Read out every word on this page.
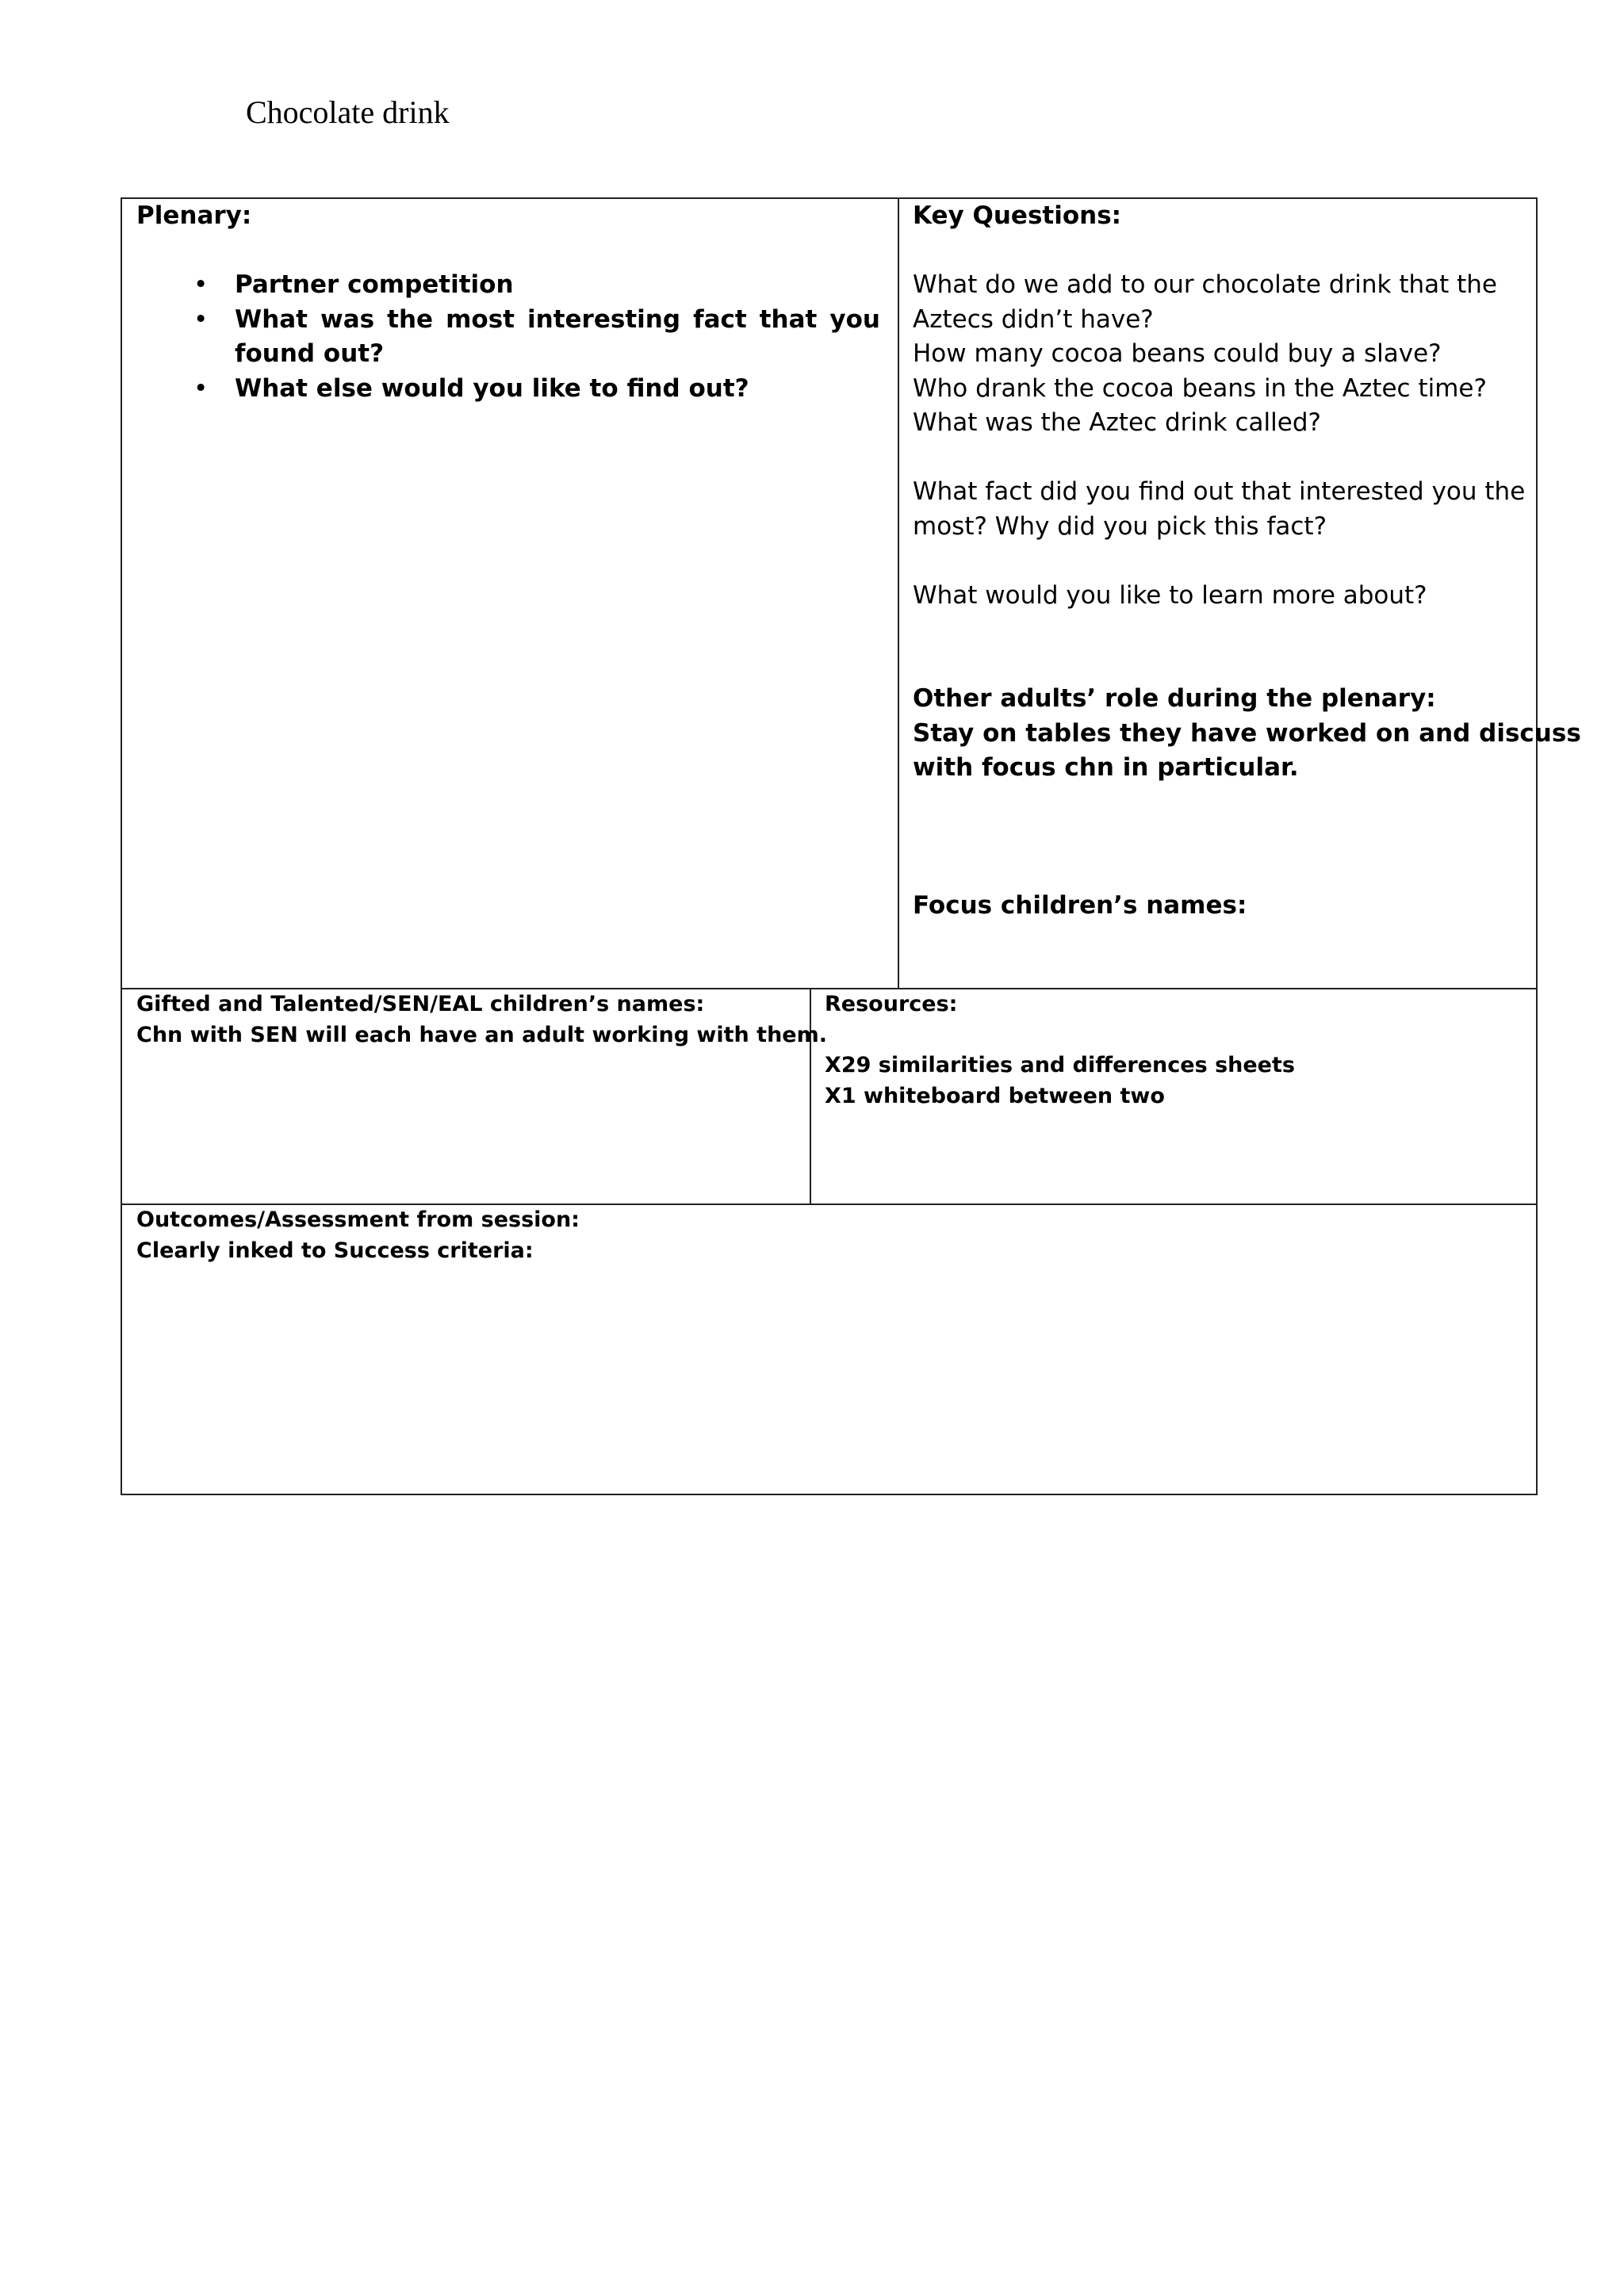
Chocolate drink
Plenary:
• Partner competition
• What was the most interesting fact that you found out?
• What else would you like to find out?
Key Questions:
What do we add to our chocolate drink that the
Aztecs didn’t have?
How many cocoa beans could buy a slave?
Who drank the cocoa beans in the Aztec time?
What was the Aztec drink called?
What fact did you find out that interested you the
most? Why did you pick this fact?
What would you like to learn more about?
Other adults’ role during the plenary:
Stay on tables they have worked on and discuss
with focus chn in particular.
Focus children’s names:
Gifted and Talented/SEN/EAL children’s names:
Chn with SEN will each have an adult working with them.
Resources:
X29 similarities and differences sheets
X1 whiteboard between two
Outcomes/Assessment from session:
Clearly inked to Success criteria:
